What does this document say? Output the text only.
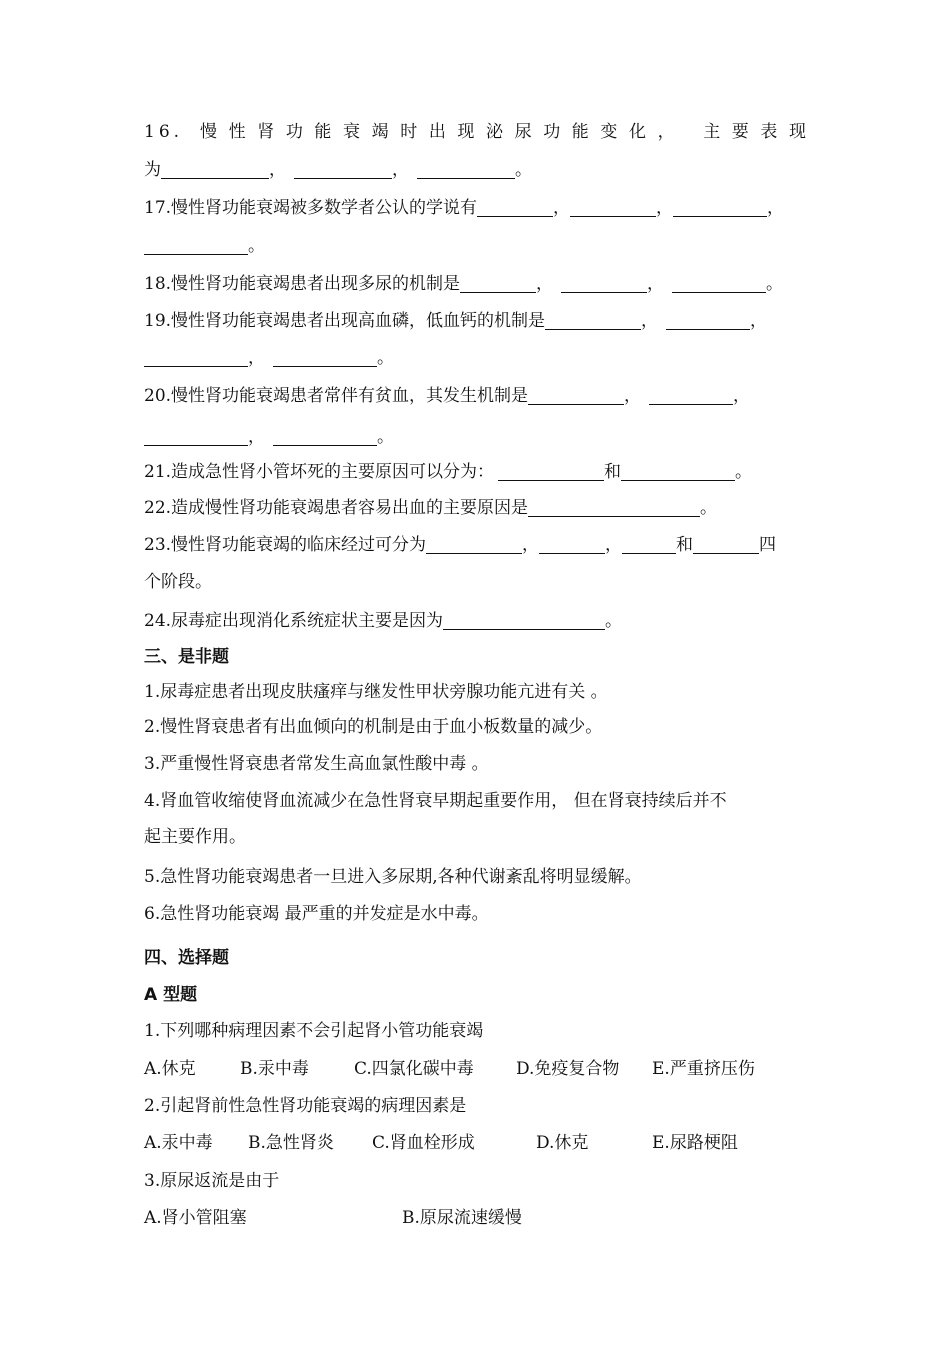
16. 慢性肾功能衰竭时出现泌尿功能变化， 主要表现
为	，	，	。
17.慢性肾功能衰竭被多数学者公认的学说有	，	，	，
。
18.慢性肾功能衰竭患者出现多尿的机制是	，	，	。
19.慢性肾功能衰竭患者出现高血磷，低血钙的机制是	，	，
，	。
20.慢性肾功能衰竭患者常伴有贫血，其发生机制是	，	，
，	。
21.造成急性肾小管坏死的主要原因可以分为：	和	。
22.造成慢性肾功能衰竭患者容易出血的主要原因是	。
23.慢性肾功能衰竭的临床经过可分为	，	，	和	四
个阶段。
24.尿毒症出现消化系统症状主要是因为	。
三、是非题
1.尿毒症患者出现皮肤瘙痒与继发性甲状旁腺功能亢进有关 。
2.慢性肾衰患者有出血倾向的机制是由于血小板数量的减少。
3.严重慢性肾衰患者常发生高血氯性酸中毒 。
4.肾血管收缩使肾血流减少在急性肾衰早期起重要作用， 但在肾衰持续后并不
起主要作用。
5.急性肾功能衰竭患者一旦进入多尿期,各种代谢紊乱将明显缓解。
6.急性肾功能衰竭 最严重的并发症是水中毒。
四、选择题
A 型题
1.下列哪种病理因素不会引起肾小管功能衰竭
A.休克	B.汞中毒	C.四氯化碳中毒 D.免疫复合物 E.严重挤压伤
2.引起肾前性急性肾功能衰竭的病理因素是
A.汞中毒 B.急性肾炎 C.肾血栓形成	D.休克	E.尿路梗阻
3.原尿返流是由于
A.肾小管阻塞	B.原尿流速缓慢
